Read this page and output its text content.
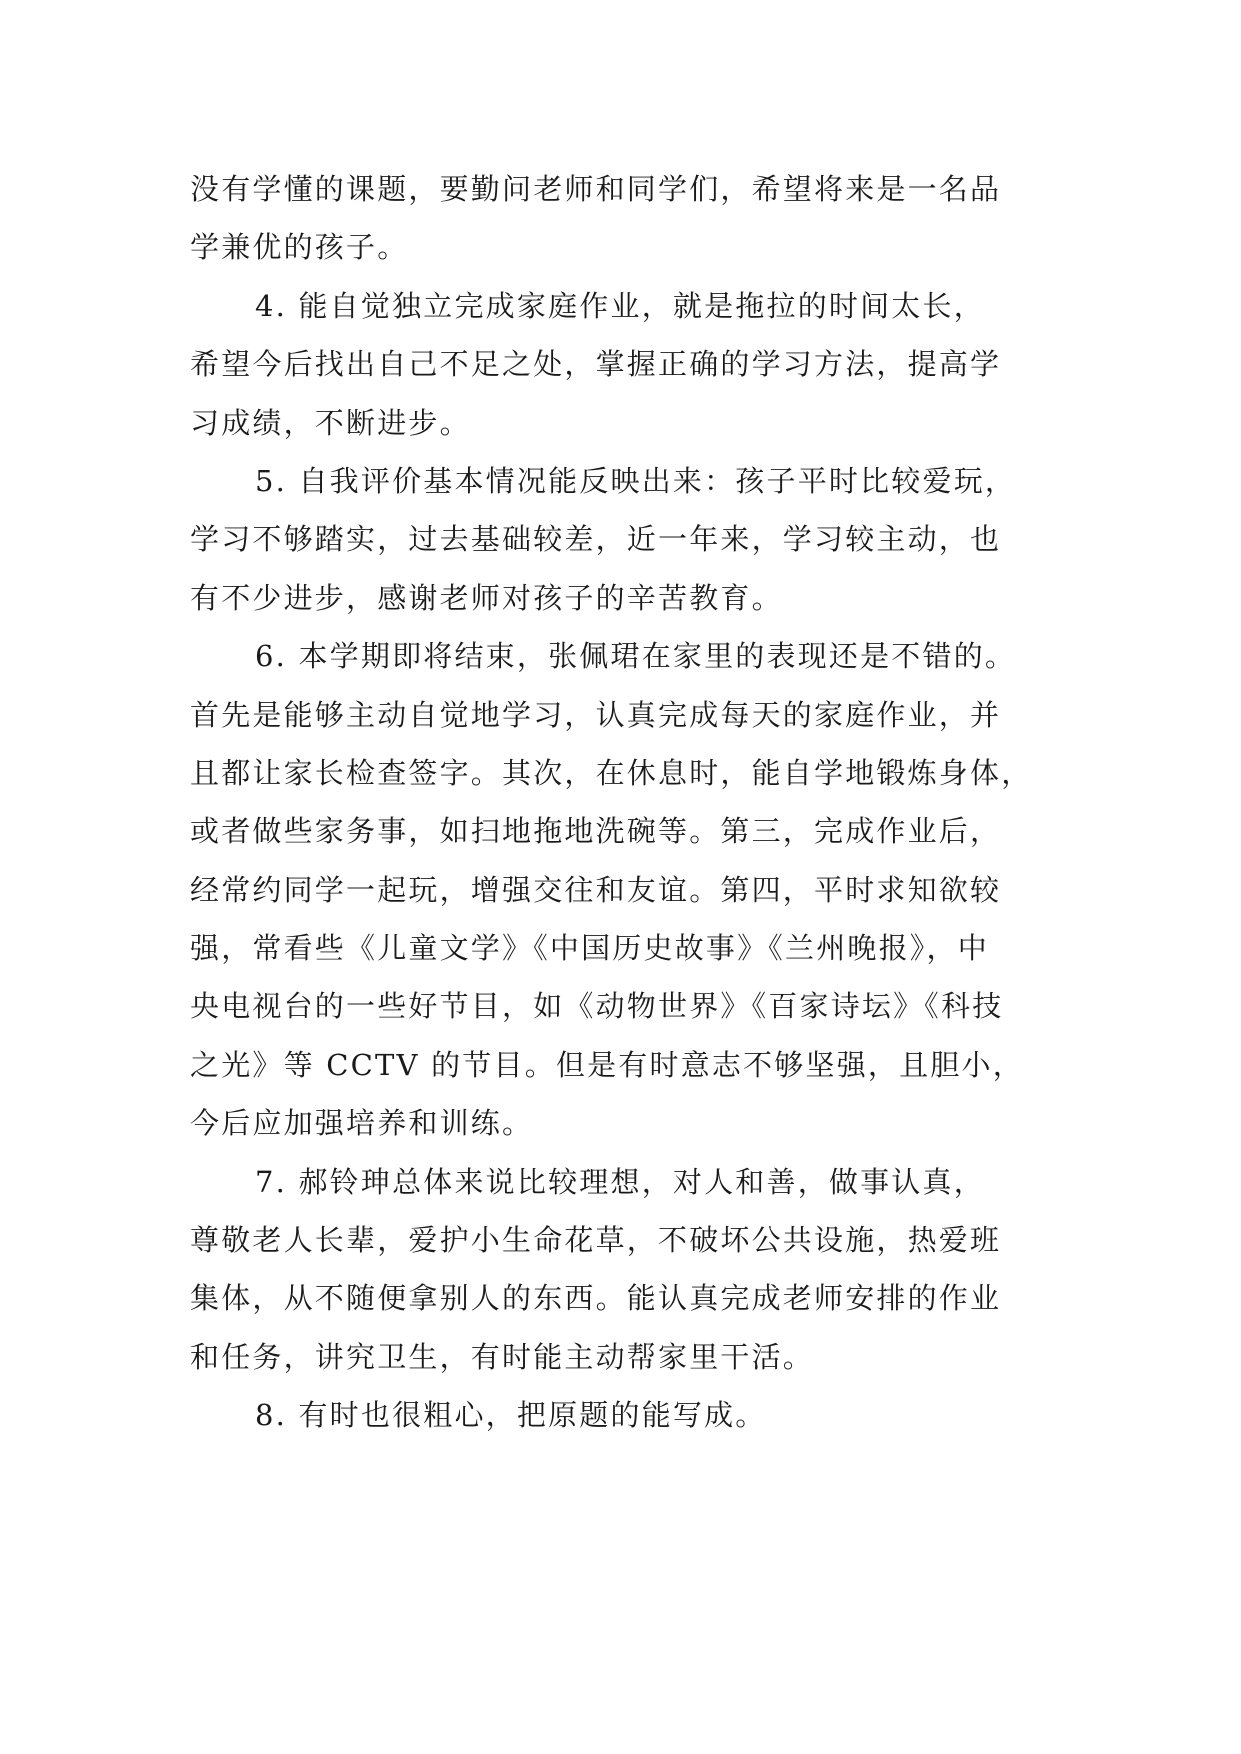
没有学懂的课题，要勤问老师和同学们，希望将来是一名品
学兼优的孩子。
4. 能自觉独立完成家庭作业，就是拖拉的时间太长，
希望今后找出自己不足之处，掌握正确的学习方法，提高学
习成绩，不断进步。
5. 自我评价基本情况能反映出来：孩子平时比较爱玩，
学习不够踏实，过去基础较差，近一年来，学习较主动，也
有不少进步，感谢老师对孩子的辛苦教育。
6. 本学期即将结束，张佩珺在家里的表现还是不错的。
首先是能够主动自觉地学习，认真完成每天的家庭作业，并
且都让家长检查签字。其次，在休息时，能自学地锻炼身体，
或者做些家务事，如扫地拖地洗碗等。第三，完成作业后，
经常约同学一起玩，增强交往和友谊。第四，平时求知欲较
强，常看些《儿童文学》《中国历史故事》《兰州晚报》，中
央电视台的一些好节目，如《动物世界》《百家诗坛》《科技
之光》等 CCTV 的节目。但是有时意志不够坚强，且胆小，
今后应加强培养和训练。
7. 郝铃珅总体来说比较理想，对人和善，做事认真，
尊敬老人长辈，爱护小生命花草，不破坏公共设施，热爱班
集体，从不随便拿别人的东西。能认真完成老师安排的作业
和任务，讲究卫生，有时能主动帮家里干活。
8. 有时也很粗心，把原题的能写成。
